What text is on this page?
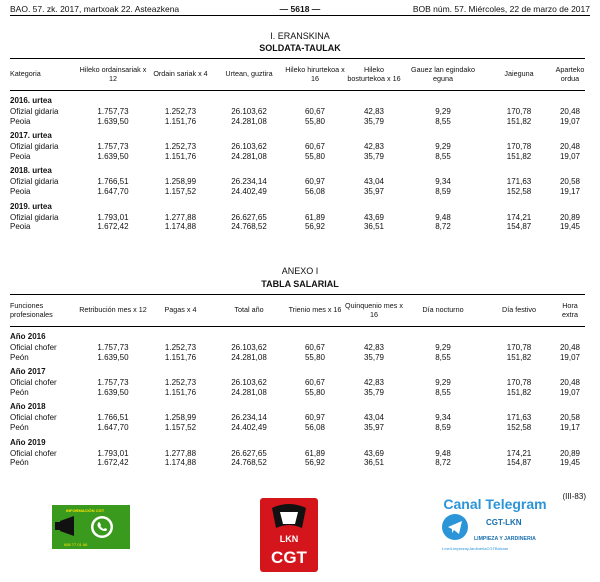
BAO. 57. zk. 2017, martxoak 22. Asteazkena	— 5618 —	BOB núm. 57. Miércoles, 22 de marzo de 2017
I. ERANSKINA
SOLDATA-TAULAK
Kategoria	Hileko ordainsariak x 12	Ordain sariak x 4	Urtean, guztira	Hileko hirurtekoa x 16	Hileko bosturtekoa x 16	Gauez lan egindako eguna	Jaieguna	Aparteko ordua
2016. urtea								
Ofizial gidaria	1.757,73	1.252,73	26.103,62	60,67	42,83	9,29	170,78	20,48
Peoia	1.639,50	1.151,76	24.281,08	55,80	35,79	8,55	151,82	19,07
2017. urtea								
Ofizial gidaria	1.757,73	1.252,73	26.103,62	60,67	42,83	9,29	170,78	20,48
Peoia	1.639,50	1.151,76	24.281,08	55,80	35,79	8,55	151,82	19,07
2018. urtea								
Ofizial gidaria	1.766,51	1.258,99	26.234,14	60,97	43,04	9,34	171,63	20,58
Peoia	1.647,70	1.157,52	24.402,49	56,08	35,97	8,59	152,58	19,17
2019. urtea								
Ofizial gidaria	1.793,01	1.277,88	26.627,65	61,89	43,69	9,48	174,21	20,89
Peoia	1.672,42	1.174,88	24.768,52	56,92	36,51	8,72	154,87	19,45
ANEXO I
TABLA SALARIAL
Funciones profesionales	Retribución mes x 12	Pagas x 4	Total año	Trienio mes x 16	Quinquenio mes x 16	Día nocturno	Día festivo	Hora extra
Año 2016								
Oficial chofer	1.757,73	1.252,73	26.103,62	60,67	42,83	9,29	170,78	20,48
Peón	1.639,50	1.151,76	24.281,08	55,80	35,79	8,55	151,82	19,07
Año 2017								
Oficial chofer	1.757,73	1.252,73	26.103,62	60,67	42,83	9,29	170,78	20,48
Peón	1.639,50	1.151,76	24.281,08	55,80	35,79	8,55	151,82	19,07
Año 2018								
Oficial chofer	1.766,51	1.258,99	26.234,14	60,97	43,04	9,34	171,63	20,58
Peón	1.647,70	1.157,52	24.402,49	56,08	35,97	8,59	152,58	19,17
Año 2019								
Oficial chofer	1.793,01	1.277,88	26.627,65	61,89	43,69	9,48	174,21	20,89
Peón	1.672,42	1.174,88	24.768,52	56,92	36,51	8,72	154,87	19,45
(III-83)
INFORMACIÓN CGT
688 77 01 66
LKN
CGT
Canal Telegram
CGT-LKN
LIMPIEZA Y JARDINERIA
t.me/LimpiezayJardineriaCGTBizkaia
